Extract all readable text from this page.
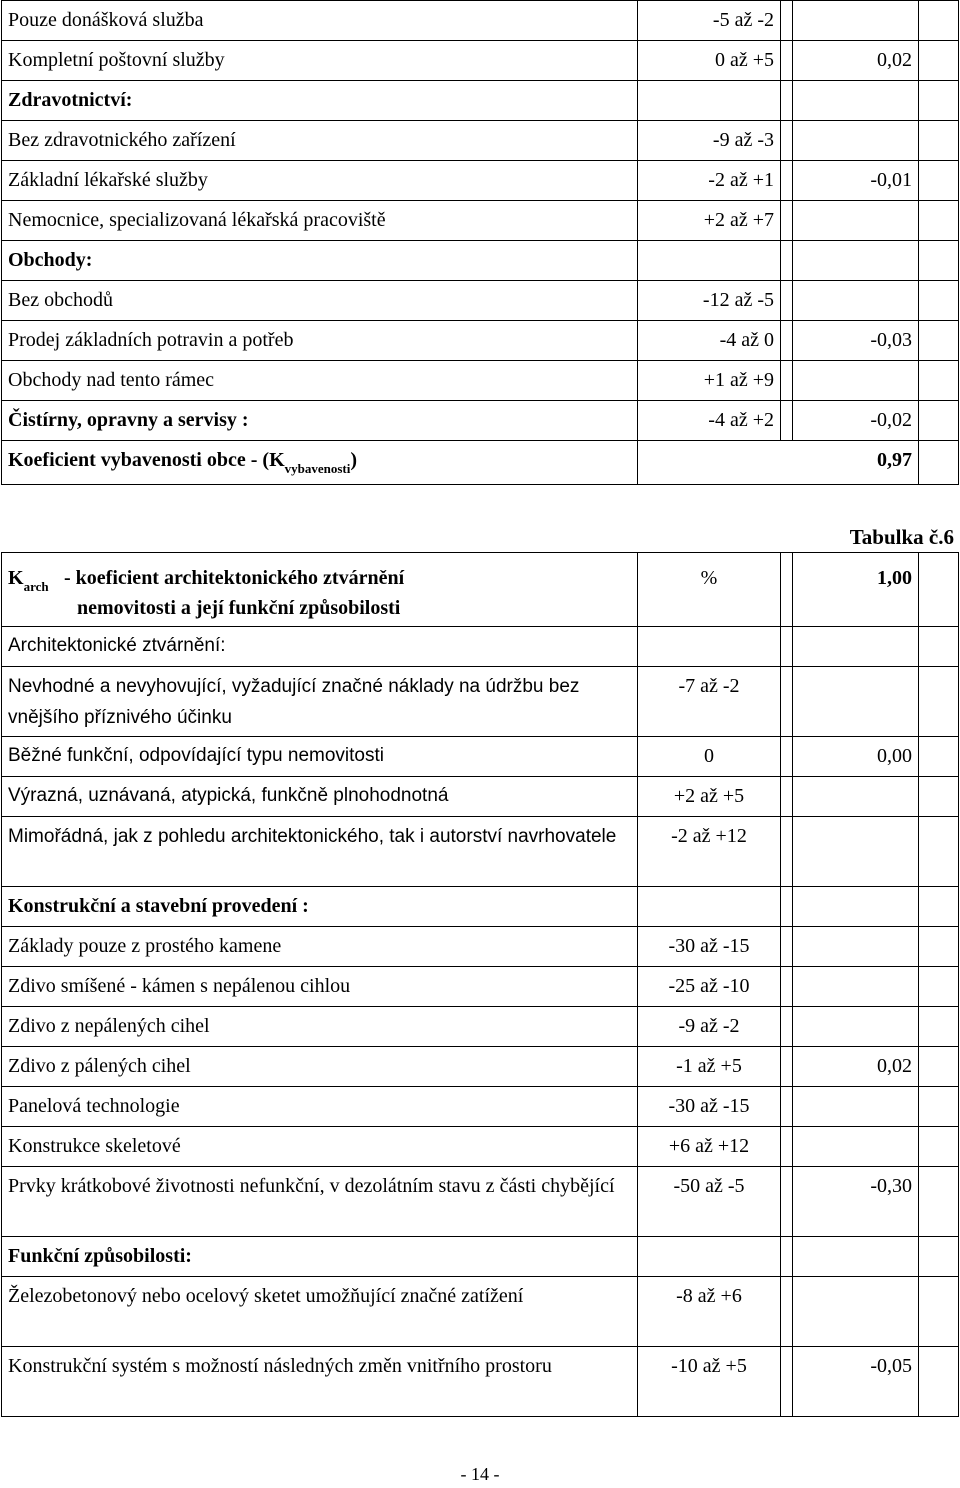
Pouze donášková služba	-5 až -2			
Kompletní poštovní služby	0 až +5		0,02	
Zdravotnictví:				
Bez zdravotnického zařízení	-9 až -3			
Základní lékařské služby	-2 až +1		-0,01	
Nemocnice, specializovaná lékařská pracoviště	+2 až +7			
Obchody:				
Bez obchodů	-12 až -5			
Prodej základních potravin a potřeb	-4 až 0		-0,03	
Obchody nad tento rámec	+1 až +9			
Čistírny, opravny a servisy :	-4 až +2		-0,02	
Koeficient vybavenosti obce - $(K_{vybavenosti})$			0,97	
Tabulka č.6
$K_{arch}$ - koeficient architektonického ztvárnění
nemovitosti a její funkční způsobilosti	%		1,00	
Architektonické ztvárnění:				
Nevhodné a nevyhovující, vyžadující značné náklady na údržbu bez vnějšího příznivého účinku	-7 až -2			
Běžné funkční, odpovídající typu nemovitosti	0		0,00	
Výrazná, uznávaná, atypická, funkčně plnohodnotná	+2 až +5			
Mimořádná, jak z pohledu architektonického, tak i autorství navrhovatele	-2 až +12			
Konstrukční a stavební provedení :				
Základy pouze z prostého kamene	-30 až -15			
Zdivo smíšené - kámen s nepálenou cihlou	-25 až -10			
Zdivo z nepálených cihel	-9 až -2			
Zdivo z pálených cihel	-1 až +5		0,02	
Panelová technologie	-30 až -15			
Konstrukce skeletové	+6 až +12			
Prvky krátkobové životnosti nefunkční, v dezolátním stavu z části chybějící	-50 až -5		-0,30	
Funkční způsobilosti:				
Železobetonový nebo ocelový sketet umožňující značné zatížení	-8 až +6			
Konstrukční systém s možností následných změn vnitřního prostoru	-10 až +5		-0,05	
- 14 -
